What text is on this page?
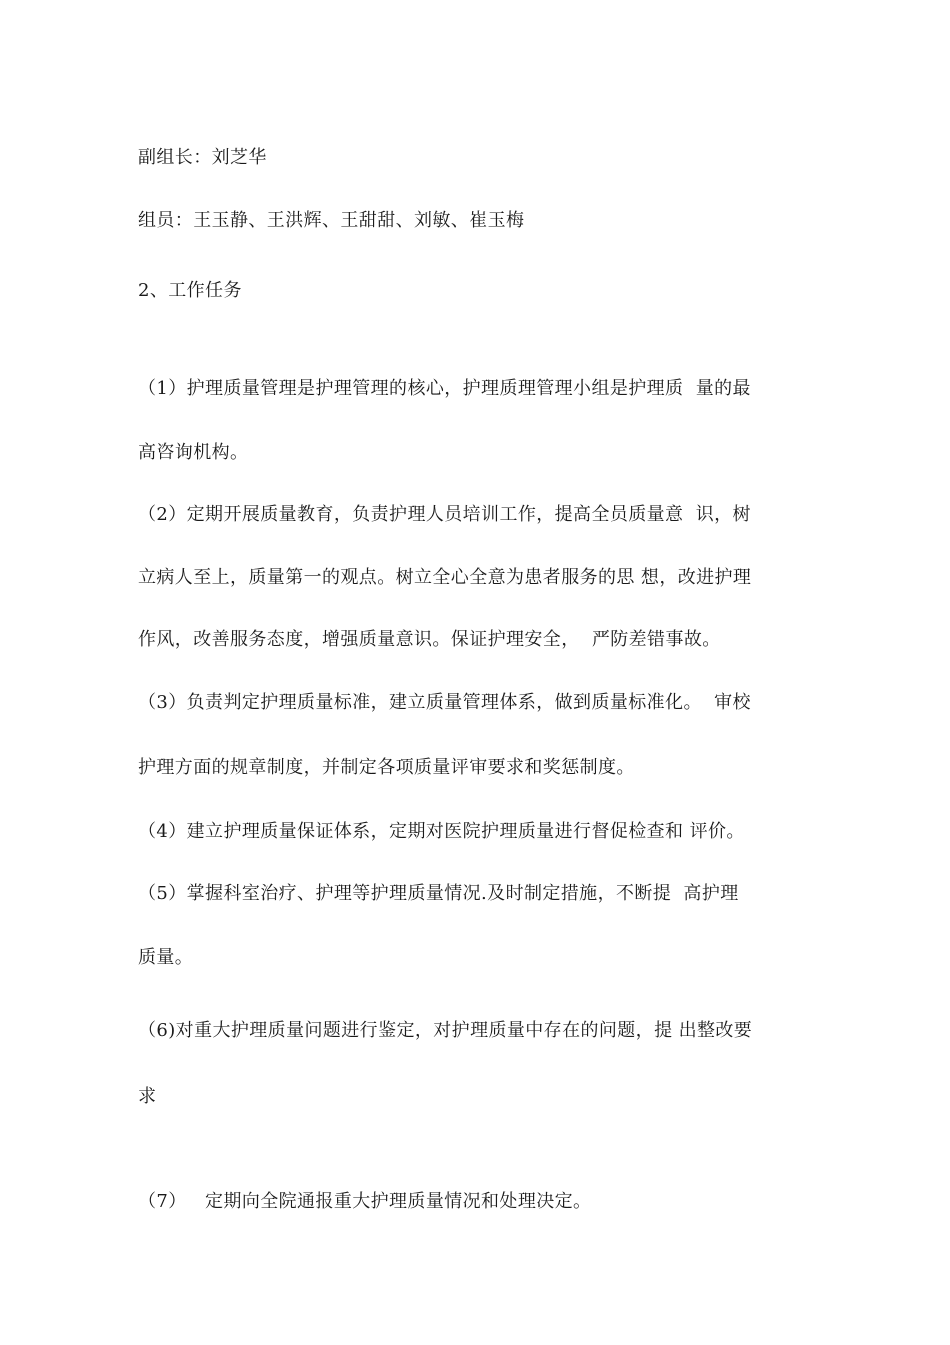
副组长：刘芝华

组员：王玉静、王洪辉、王甜甜、刘敏、崔玉梅

2、工作任务

（1）护理质量管理是护理管理的核心，护理质理管理小组是护理质  量的最

高咨询机构。

（2）定期开展质量教育，负责护理人员培训工作，提高全员质量意  识，树

立病人至上，质量第一的观点。树立全心全意为患者服务的思 想，改进护理

作风，改善服务态度，增强质量意识。保证护理安全，  严防差错事故。

（3）负责判定护理质量标准，建立质量管理体系，做到质量标准化。  审校

护理方面的规章制度，并制定各项质量评审要求和奖惩制度。

（4）建立护理质量保证体系，定期对医院护理质量进行督促检查和 评价。

（5）掌握科室治疗、护理等护理质量情况.及时制定措施，不断提  高护理

质量。

（6)对重大护理质量问题进行鉴定，对护理质量中存在的问题，提 出整改要

求

（7）   定期向全院通报重大护理质量情况和处理决定。
